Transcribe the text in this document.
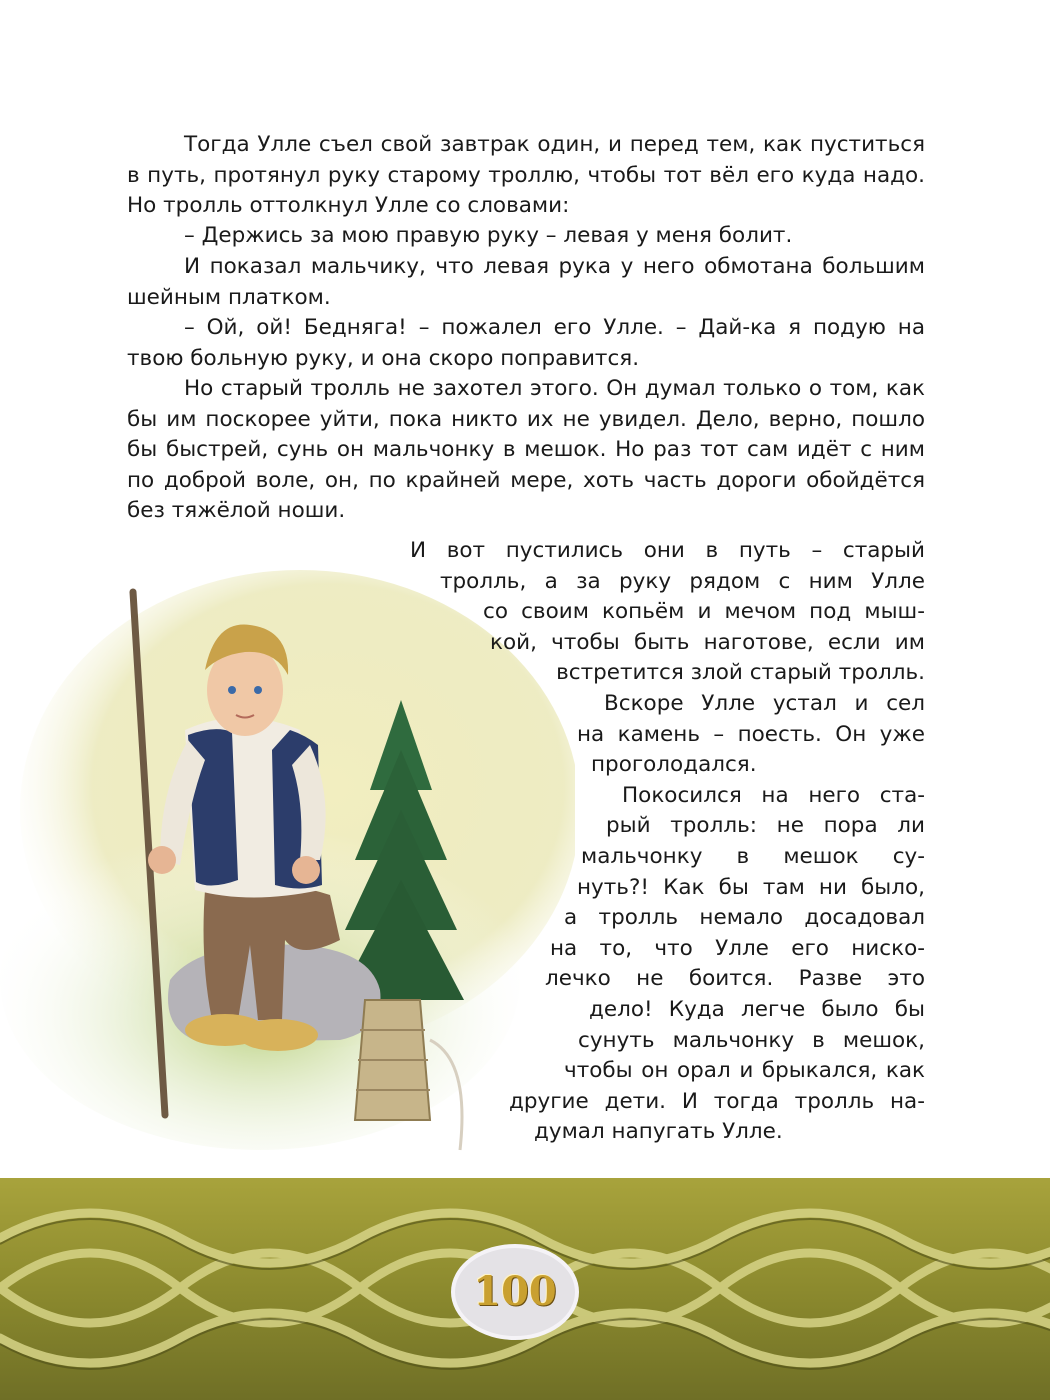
Тогда Улле съел свой завтрак один, и перед тем, как пуститься в путь, протянул руку старому троллю, чтобы тот вёл его куда надо. Но тролль оттолкнул Улле со словами:

– Держись за мою правую руку – левая у меня болит.

И показал мальчику, что левая рука у него обмотана большим шейным платком.

– Ой, ой! Бедняга! – пожалел его Улле. – Дай-ка я подую на твою больную руку, и она скоро поправится.

Но старый тролль не захотел этого. Он думал только о том, как бы им поскорее уйти, пока никто их не увидел. Дело, верно, пошло бы быстрей, сунь он мальчонку в мешок. Но раз тот сам идёт с ним по доброй воле, он, по крайней мере, хоть часть дороги обойдётся без тяжёлой ноши.

И вот пустились они в путь – старый
тролль, а за руку рядом с ним Улле
со своим копьём и мечом под мыш-
кой, чтобы быть наготове, если им
встретится злой старый тролль.
Вскоре Улле устал и сел
на камень – поесть. Он уже
проголодался.
Покосился на него ста-
рый тролль: не пора ли
мальчонку в мешок су-
нуть?! Как бы там ни было,
а тролль немало досадовал
на то, что Улле его ниско-
лечко не боится. Разве это
дело! Куда легче было бы
сунуть мальчонку в мешок,
чтобы он орал и брыкался, как
другие дети. И тогда тролль на-
думал напугать Улле.
100
